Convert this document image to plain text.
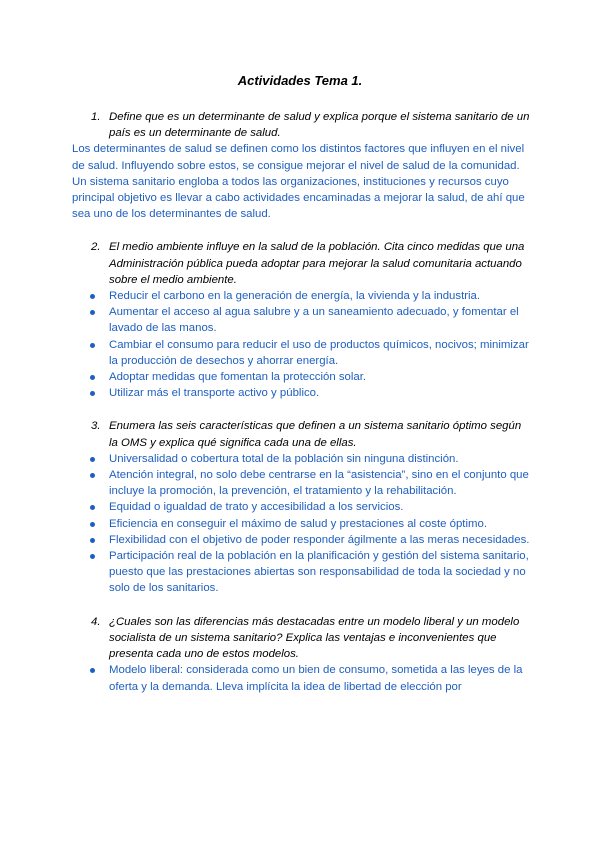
Actividades Tema 1.
1. Define que es un determinante de salud y explica porque el sistema sanitario de un país es un determinante de salud.

Los determinantes de salud se definen como los distintos factores que influyen en el nivel de salud. Influyendo sobre estos, se consigue mejorar el nivel de salud de la comunidad.

Un sistema sanitario engloba a todos las organizaciones, instituciones y recursos cuyo principal objetivo es llevar a cabo actividades encaminadas a mejorar la salud, de ahí que sea uno de los determinantes de salud.

2. El medio ambiente influye en la salud de la población. Cita cinco medidas que una Administración pública pueda adoptar para mejorar la salud comunitaria actuando sobre el medio ambiente.
Reducir el carbono en la generación de energía, la vivienda y la industria.
Aumentar el acceso al agua salubre y a un saneamiento adecuado, y fomentar el lavado de las manos.
Cambiar el consumo para reducir el uso de productos químicos, nocivos; minimizar la producción de desechos y ahorrar energía.
Adoptar medidas que fomentan la protección solar.
Utilizar más el transporte activo y público.
3. Enumera las seis características que definen a un sistema sanitario óptimo según la OMS y explica qué significa cada una de ellas.
Universalidad o cobertura total de la población sin ninguna distinción.
Atención integral, no solo debe centrarse en la “asistencia”, sino en el conjunto que incluye la promoción, la prevención, el tratamiento y la rehabilitación.
Equidad o igualdad de trato y accesibilidad a los servicios.
Eficiencia en conseguir el máximo de salud y prestaciones al coste óptimo.
Flexibilidad con el objetivo de poder responder ágilmente a las meras necesidades.
Participación real de la población en la planificación y gestión del sistema sanitario, puesto que las prestaciones abiertas son responsabilidad de toda la sociedad y no solo de los sanitarios.
4. ¿Cuales son las diferencias más destacadas entre un modelo liberal y un modelo socialista de un sistema sanitario? Explica las ventajas e inconvenientes que presenta cada uno de estos modelos.
Modelo liberal: considerada como un bien de consumo, sometida a las leyes de la oferta y la demanda. Lleva implícita la idea de libertad de elección por
